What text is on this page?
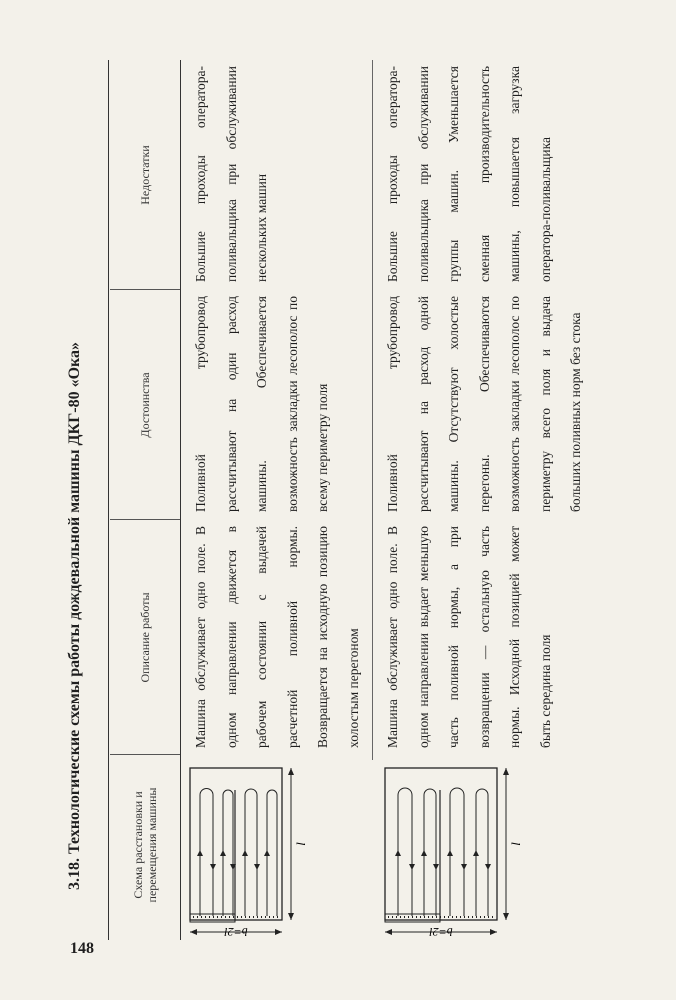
148
3.18. Технологические схемы работы дождевальной машины ДКГ-80 «Ока»	Схема расстановки и перемещения машины
Описание работы
Достоинства
Недостатки
b=2l
l
Машина обслуживает одно поле. В одном направлении движется в рабочем состоянии с выдачей расчетной поливной нормы. Возвращается на исходную позицию холостым перегоном
Поливной трубопровод рассчитывают на один расход машины. Обеспечивается возможность закладки лесополос по всему периметру поля
Большие проходы оператора-поливальщика при обслуживании нескольких машин
b=2l
l
Машина обслуживает одно поле. В одном направлении выдает меньшую часть поливной нормы, а при возвращении — остальную часть нормы. Исходной позицией может быть середина поля
Поливной трубопровод рассчитывают на расход одной машины. Отсутствуют холостые перегоны. Обеспечиваются возможность закладки лесополос по периметру всего поля и выдача больших поливных норм без стока
Большие проходы оператора-поливальщика при обслуживании группы машин. Уменьшается сменная производительность машины, повышается загрузка оператора-поливальщика
